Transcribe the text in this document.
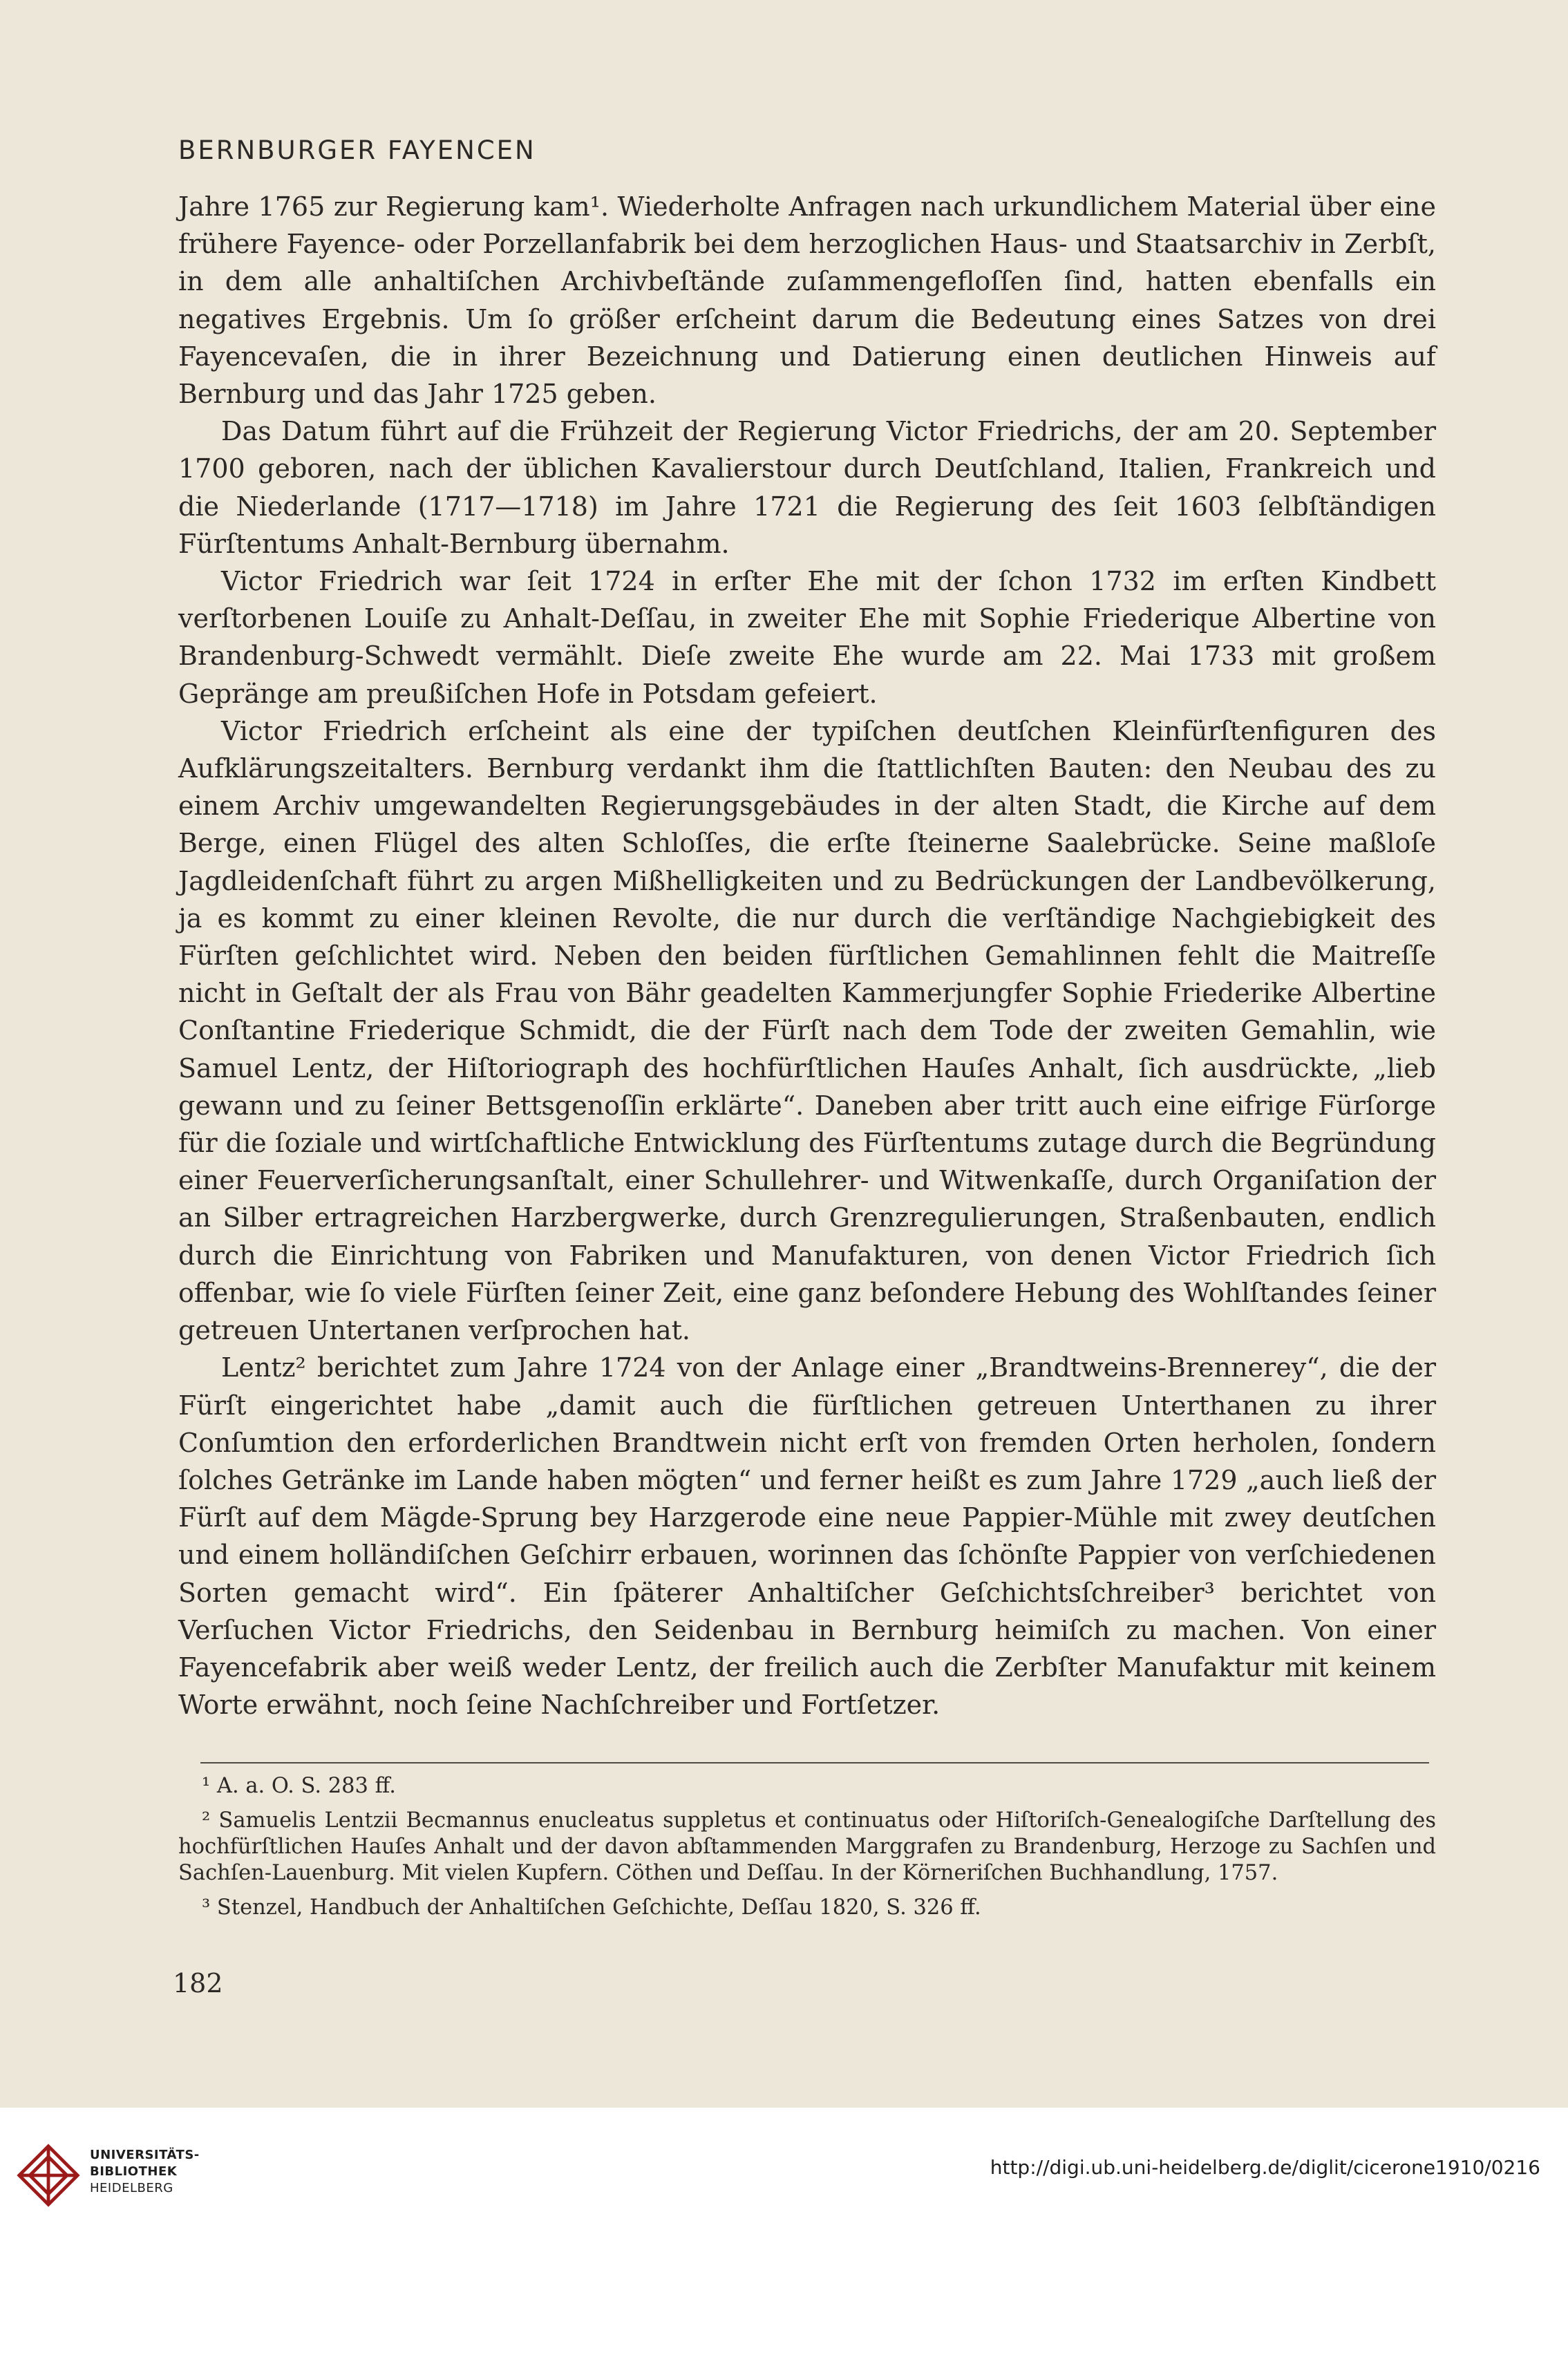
BERNBURGER FAYENCEN

Jahre 1765 zur Regierung kam¹. Wiederholte Anfragen nach urkundlichem Material über eine frühere Fayence- oder Porzellanfabrik bei dem herzoglichen Haus- und Staatsarchiv in Zerbſt, in dem alle anhaltiſchen Archivbeſtände zuſammengefloſſen ſind, hatten ebenfalls ein negatives Ergebnis. Um ſo größer erſcheint darum die Bedeutung eines Satzes von drei Fayencevaſen, die in ihrer Bezeichnung und Datierung einen deutlichen Hinweis auf Bernburg und das Jahr 1725 geben.

Das Datum führt auf die Frühzeit der Regierung Victor Friedrichs, der am 20. September 1700 geboren, nach der üblichen Kavalierstour durch Deutſchland, Italien, Frankreich und die Niederlande (1717—1718) im Jahre 1721 die Regierung des ſeit 1603 ſelbſtändigen Fürſtentums Anhalt-Bernburg übernahm.

Victor Friedrich war ſeit 1724 in erſter Ehe mit der ſchon 1732 im erſten Kindbett verſtorbenen Louiſe zu Anhalt-Deſſau, in zweiter Ehe mit Sophie Friederique Albertine von Brandenburg-Schwedt vermählt. Dieſe zweite Ehe wurde am 22. Mai 1733 mit großem Gepränge am preußiſchen Hofe in Potsdam gefeiert.

Victor Friedrich erſcheint als eine der typiſchen deutſchen Kleinfürſtenfiguren des Aufklärungszeitalters. Bernburg verdankt ihm die ſtattlichſten Bauten: den Neubau des zu einem Archiv umgewandelten Regierungsgebäudes in der alten Stadt, die Kirche auf dem Berge, einen Flügel des alten Schloſſes, die erſte ſteinerne Saalebrücke. Seine maßloſe Jagdleidenſchaft führt zu argen Mißhelligkeiten und zu Bedrückungen der Landbevölkerung, ja es kommt zu einer kleinen Revolte, die nur durch die verſtändige Nachgiebigkeit des Fürſten geſchlichtet wird. Neben den beiden fürſtlichen Gemahlinnen fehlt die Maitreſſe nicht in Geſtalt der als Frau von Bähr geadelten Kammerjungfer Sophie Friederike Albertine Conſtantine Friederique Schmidt, die der Fürſt nach dem Tode der zweiten Gemahlin, wie Samuel Lentz, der Hiſtoriograph des hochfürſtlichen Hauſes Anhalt, ſich ausdrückte, „lieb gewann und zu ſeiner Bettsgenoſſin erklärte“. Daneben aber tritt auch eine eifrige Fürſorge für die ſoziale und wirtſchaftliche Entwicklung des Fürſtentums zutage durch die Begründung einer Feuerverſicherungsanſtalt, einer Schullehrer- und Witwenkaſſe, durch Organiſation der an Silber ertragreichen Harzbergwerke, durch Grenzregulierungen, Straßenbauten, endlich durch die Einrichtung von Fabriken und Manufakturen, von denen Victor Friedrich ſich offenbar, wie ſo viele Fürſten ſeiner Zeit, eine ganz beſondere Hebung des Wohlſtandes ſeiner getreuen Untertanen verſprochen hat.

Lentz² berichtet zum Jahre 1724 von der Anlage einer „Brandtweins-Brennerey“, die der Fürſt eingerichtet habe „damit auch die fürſtlichen getreuen Unterthanen zu ihrer Conſumtion den erforderlichen Brandtwein nicht erſt von fremden Orten herholen, ſondern ſolches Getränke im Lande haben mögten“ und ferner heißt es zum Jahre 1729 „auch ließ der Fürſt auf dem Mägde-Sprung bey Harzgerode eine neue Pappier-Mühle mit zwey deutſchen und einem holländiſchen Geſchirr erbauen, worinnen das ſchönſte Pappier von verſchiedenen Sorten gemacht wird“. Ein ſpäterer Anhaltiſcher Geſchichtsſchreiber³ berichtet von Verſuchen Victor Friedrichs, den Seidenbau in Bernburg heimiſch zu machen. Von einer Fayencefabrik aber weiß weder Lentz, der freilich auch die Zerbſter Manufaktur mit keinem Worte erwähnt, noch ſeine Nachſchreiber und Fortſetzer.

¹ A. a. O. S. 283 ff.

² Samuelis Lentzii Becmannus enucleatus suppletus et continuatus oder Hiſtoriſch-Genealogiſche Darſtellung des hochfürſtlichen Hauſes Anhalt und der davon abſtammenden Marggrafen zu Brandenburg, Herzoge zu Sachſen und Sachſen-Lauenburg. Mit vielen Kupfern. Cöthen und Deſſau. In der Körneriſchen Buchhandlung, 1757.

³ Stenzel, Handbuch der Anhaltiſchen Geſchichte, Deſſau 1820, S. 326 ff.

182
UNIVERSITÄTS-
BIBLIOTHEK
HEIDELBERG
http://digi.ub.uni-heidelberg.de/diglit/cicerone1910/0216
